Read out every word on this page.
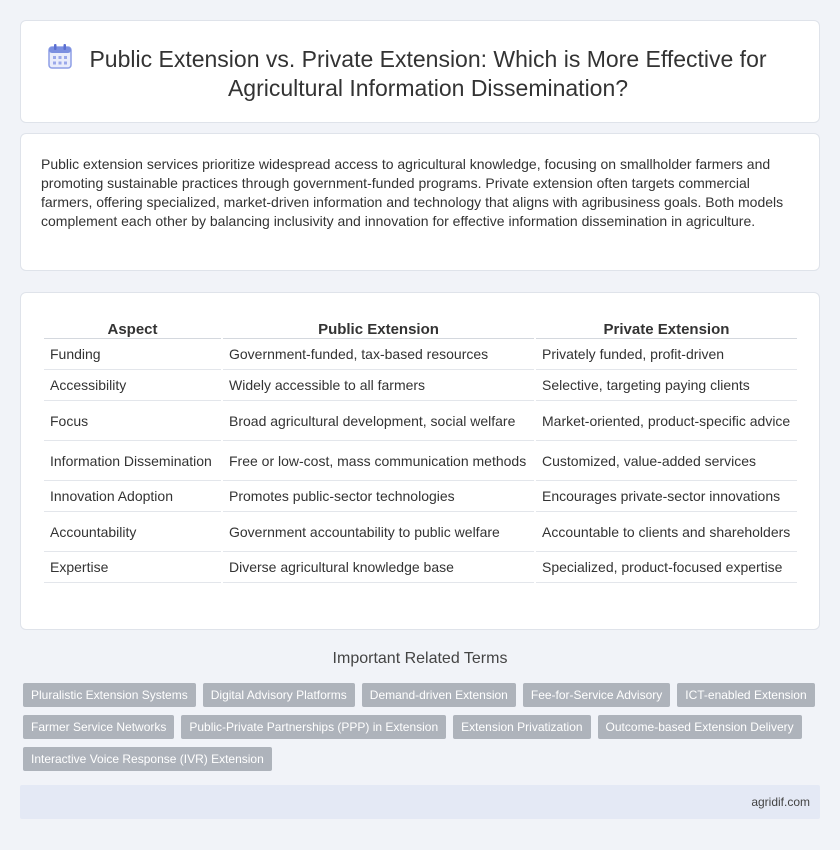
Public Extension vs. Private Extension: Which is More Effective for Agricultural Information Dissemination?

Public extension services prioritize widespread access to agricultural knowledge, focusing on smallholder farmers and promoting sustainable practices through government-funded programs. Private extension often targets commercial farmers, offering specialized, market-driven information and technology that aligns with agribusiness goals. Both models complement each other by balancing inclusivity and innovation for effective information dissemination in agriculture.

Aspect	Public Extension	Private Extension
Funding	Government-funded, tax-based resources	Privately funded, profit-driven
Accessibility	Widely accessible to all farmers	Selective, targeting paying clients
Focus	Broad agricultural development, social welfare	Market-oriented, product-specific advice
Information Dissemination	Free or low-cost, mass communication methods	Customized, value-added services
Innovation Adoption	Promotes public-sector technologies	Encourages private-sector innovations
Accountability	Government accountability to public welfare	Accountable to clients and shareholders
Expertise	Diverse agricultural knowledge base	Specialized, product-focused expertise
Important Related Terms
Pluralistic Extension Systems	Digital Advisory Platforms	Demand-driven Extension	Fee-for-Service Advisory	ICT-enabled Extension
Farmer Service Networks	Public-Private Partnerships (PPP) in Extension	Extension Privatization	Outcome-based Extension Delivery
Interactive Voice Response (IVR) Extension
agridif.com
